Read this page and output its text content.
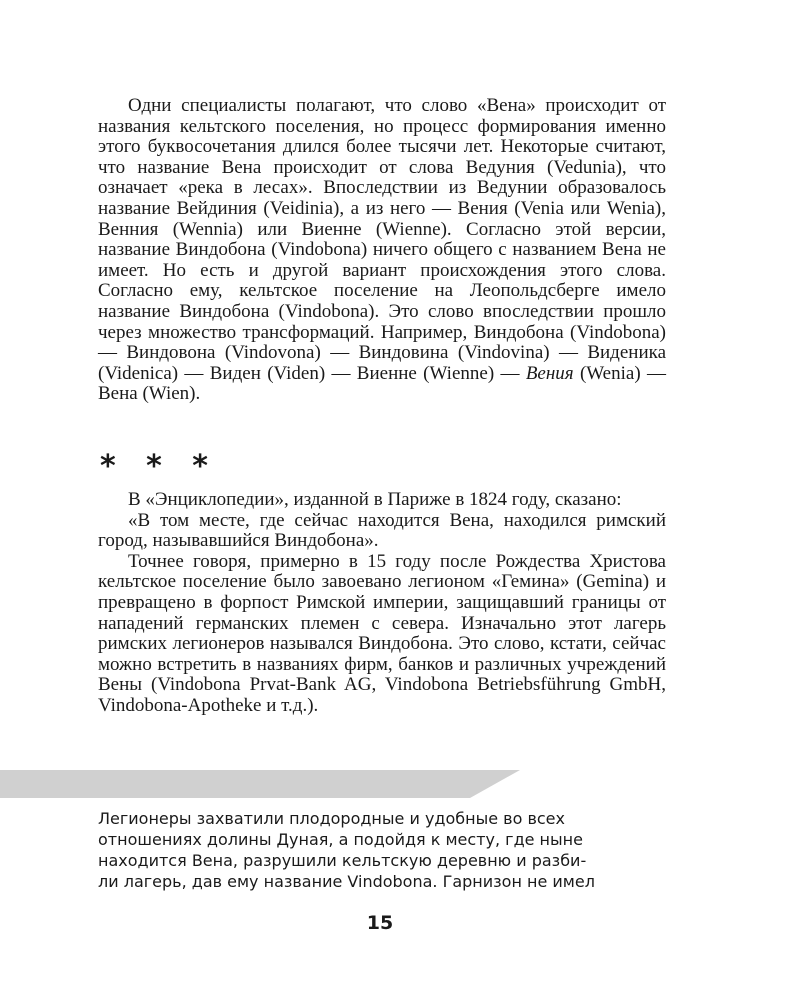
Одни специалисты полагают, что слово «Вена» происходит от названия кельтского поселения, но процесс формирования именно этого буквосочетания длился более тысячи лет. Некоторые считают, что название Вена происходит от слова Ведуния (Vedunia), что означает «река в лесах». Впоследствии из Ведунии образовалось название Вейдиния (Veidinia), а из него — Вения (Venia или Wenia), Венния (Wennia) или Виенне (Wienne). Согласно этой версии, название Виндобона (Vindobona) ничего общего с названием Вена не имеет. Но есть и другой вариант происхождения этого слова. Согласно ему, кельтское поселение на Леопольдсберге имело название Виндобона (Vindobona). Это слово впоследствии прошло через множество трансформаций. Например, Виндобона (Vindobona) — Виндовона (Vindovona) — Виндовина (Vindovina) — Виденика (Videnica) — Виден (Viden) — Виенне (Wienne) — Вения (Wenia) — Вена (Wien).

* * *

В «Энциклопедии», изданной в Париже в 1824 году, сказано:

«В том месте, где сейчас находится Вена, находился римский город, называвшийся Виндобона».

Точнее говоря, примерно в 15 году после Рождества Христова кельтское поселение было завоевано легионом «Гемина» (Gemina) и превращено в форпост Римской империи, защищавший границы от нападений германских племен с севера. Изначально этот лагерь римских легионеров назывался Виндобона. Это слово, кстати, сейчас можно встретить в названиях фирм, банков и различных учреждений Вены (Vindobona Prvat-Bank AG, Vindobona Betriebsführung GmbH, Vindobona-Apotheke и т.д.).

Легионеры захватили плодородные и удобные во всех
отношениях долины Дуная, а подойдя к месту, где ныне
находится Вена, разрушили кельтскую деревню и разби-
ли лагерь, дав ему название Vindobona. Гарнизон не имел
15
